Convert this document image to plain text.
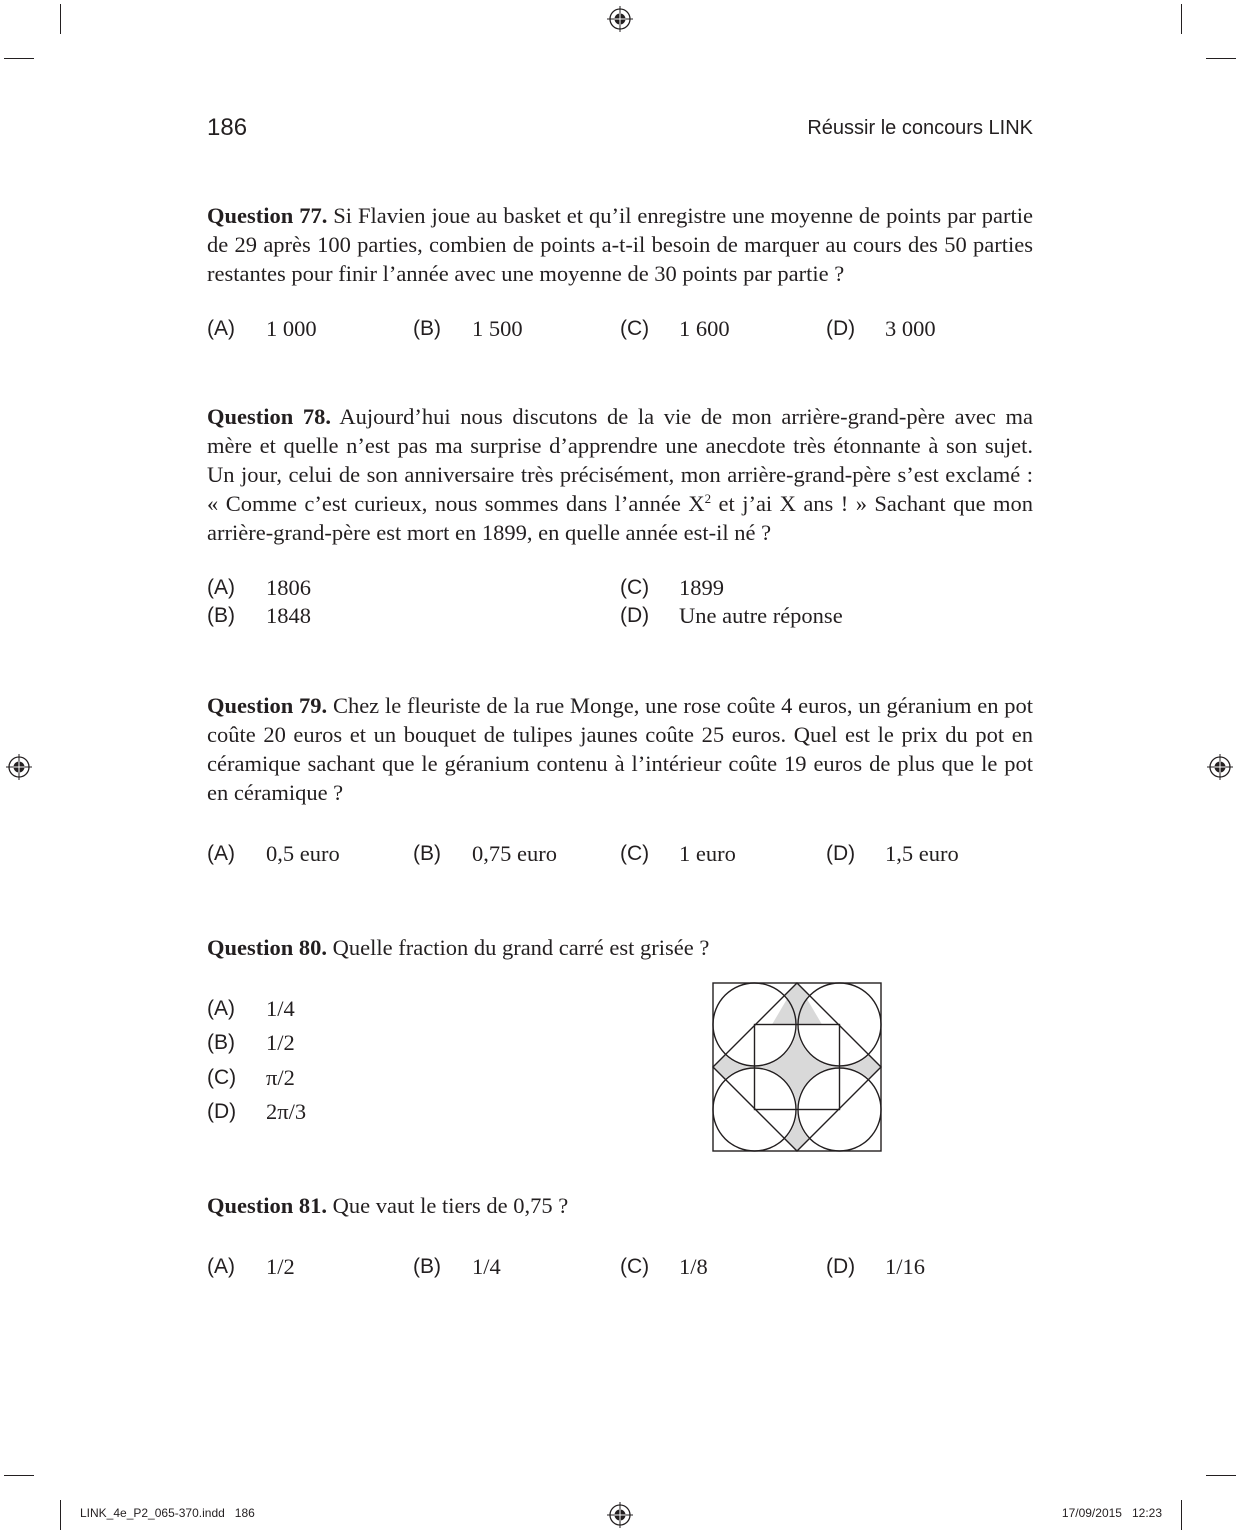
186	Réussir le concours LINK
Question 77. Si Flavien joue au basket et qu’il enregistre une moyenne de points par partie de 29 après 100 parties, combien de points a-t-il besoin de marquer au cours des 50 parties restantes pour finir l’année avec une moyenne de 30 points par partie ?
(A) 1 000	(B) 1 500	(C) 1 600	(D) 3 000
Question 78. Aujourd’hui nous discutons de la vie de mon arrière-grand-père avec ma mère et quelle n’est pas ma surprise d’apprendre une anecdote très étonnante à son sujet. Un jour, celui de son anniversaire très précisément, mon arrière-grand-père s’est exclamé : « Comme c’est curieux, nous sommes dans l’année $X^2$ et j’ai X ans ! » Sachant que mon arrière-grand-père est mort en 1899, en quelle année est-il né ?
(A) 1806	(C) 1899
(B) 1848	(D) Une autre réponse
Question 79. Chez le fleuriste de la rue Monge, une rose coûte 4 euros, un géranium en pot coûte 20 euros et un bouquet de tulipes jaunes coûte 25 euros. Quel est le prix du pot en céramique sachant que le géranium contenu à l’intérieur coûte 19 euros de plus que le pot en céramique ?
(A) 0,5 euro	(B) 0,75 euro	(C) 1 euro	(D) 1,5 euro
Question 80. Quelle fraction du grand carré est grisée ?
(A) 1/4
(B) 1/2
(C) π/2
(D) 2π/3
Question 81. Que vaut le tiers de 0,75 ?
(A) 1/2	(B) 1/4	(C) 1/8	(D) 1/16
LINK_4e_P2_065-370.indd   186	17/09/2015   12:23
